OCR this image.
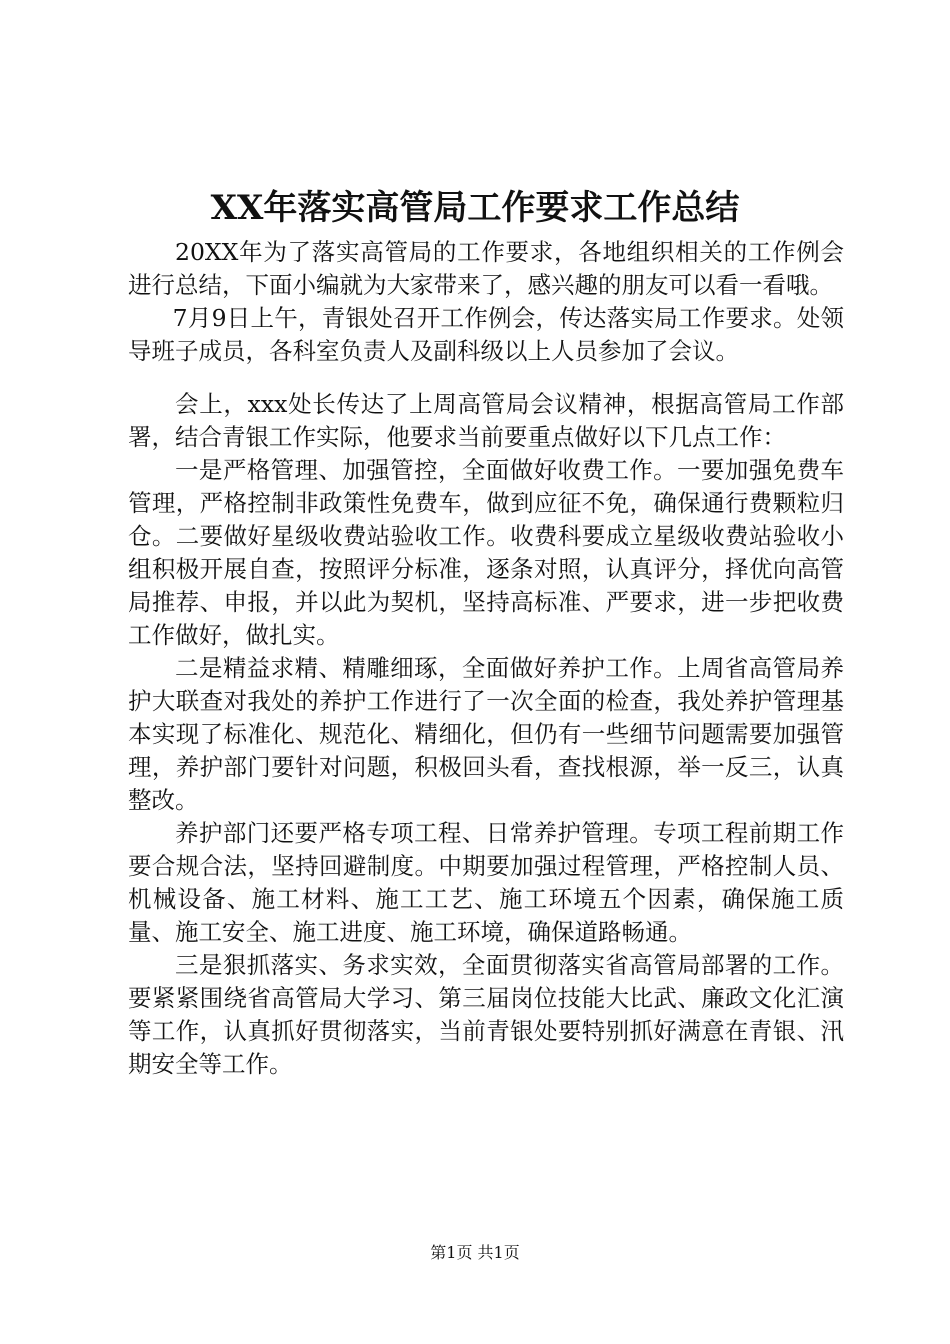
XX年落实高管局工作要求工作总结

20XX年为了落实高管局的工作要求，各地组织相关的工作例会进行总结，下面小编就为大家带来了，感兴趣的朋友可以看一看哦。

7月9日上午，青银处召开工作例会，传达落实局工作要求。处领导班子成员，各科室负责人及副科级以上人员参加了会议。

会上，xxx处长传达了上周高管局会议精神，根据高管局工作部署，结合青银工作实际，他要求当前要重点做好以下几点工作：

一是严格管理、加强管控，全面做好收费工作。一要加强免费车管理，严格控制非政策性免费车，做到应征不免，确保通行费颗粒归仓。二要做好星级收费站验收工作。收费科要成立星级收费站验收小组积极开展自查，按照评分标准，逐条对照，认真评分，择优向高管局推荐、申报，并以此为契机，坚持高标准、严要求，进一步把收费工作做好，做扎实。

二是精益求精、精雕细琢，全面做好养护工作。上周省高管局养护大联查对我处的养护工作进行了一次全面的检查，我处养护管理基本实现了标准化、规范化、精细化，但仍有一些细节问题需要加强管理，养护部门要针对问题，积极回头看，查找根源，举一反三，认真整改。

养护部门还要严格专项工程、日常养护管理。专项工程前期工作要合规合法，坚持回避制度。中期要加强过程管理，严格控制人员、机械设备、施工材料、施工工艺、施工环境五个因素，确保施工质量、施工安全、施工进度、施工环境，确保道路畅通。

三是狠抓落实、务求实效，全面贯彻落实省高管局部署的工作。要紧紧围绕省高管局大学习、第三届岗位技能大比武、廉政文化汇演等工作，认真抓好贯彻落实，当前青银处要特别抓好满意在青银、汛期安全等工作。

第1页 共1页
